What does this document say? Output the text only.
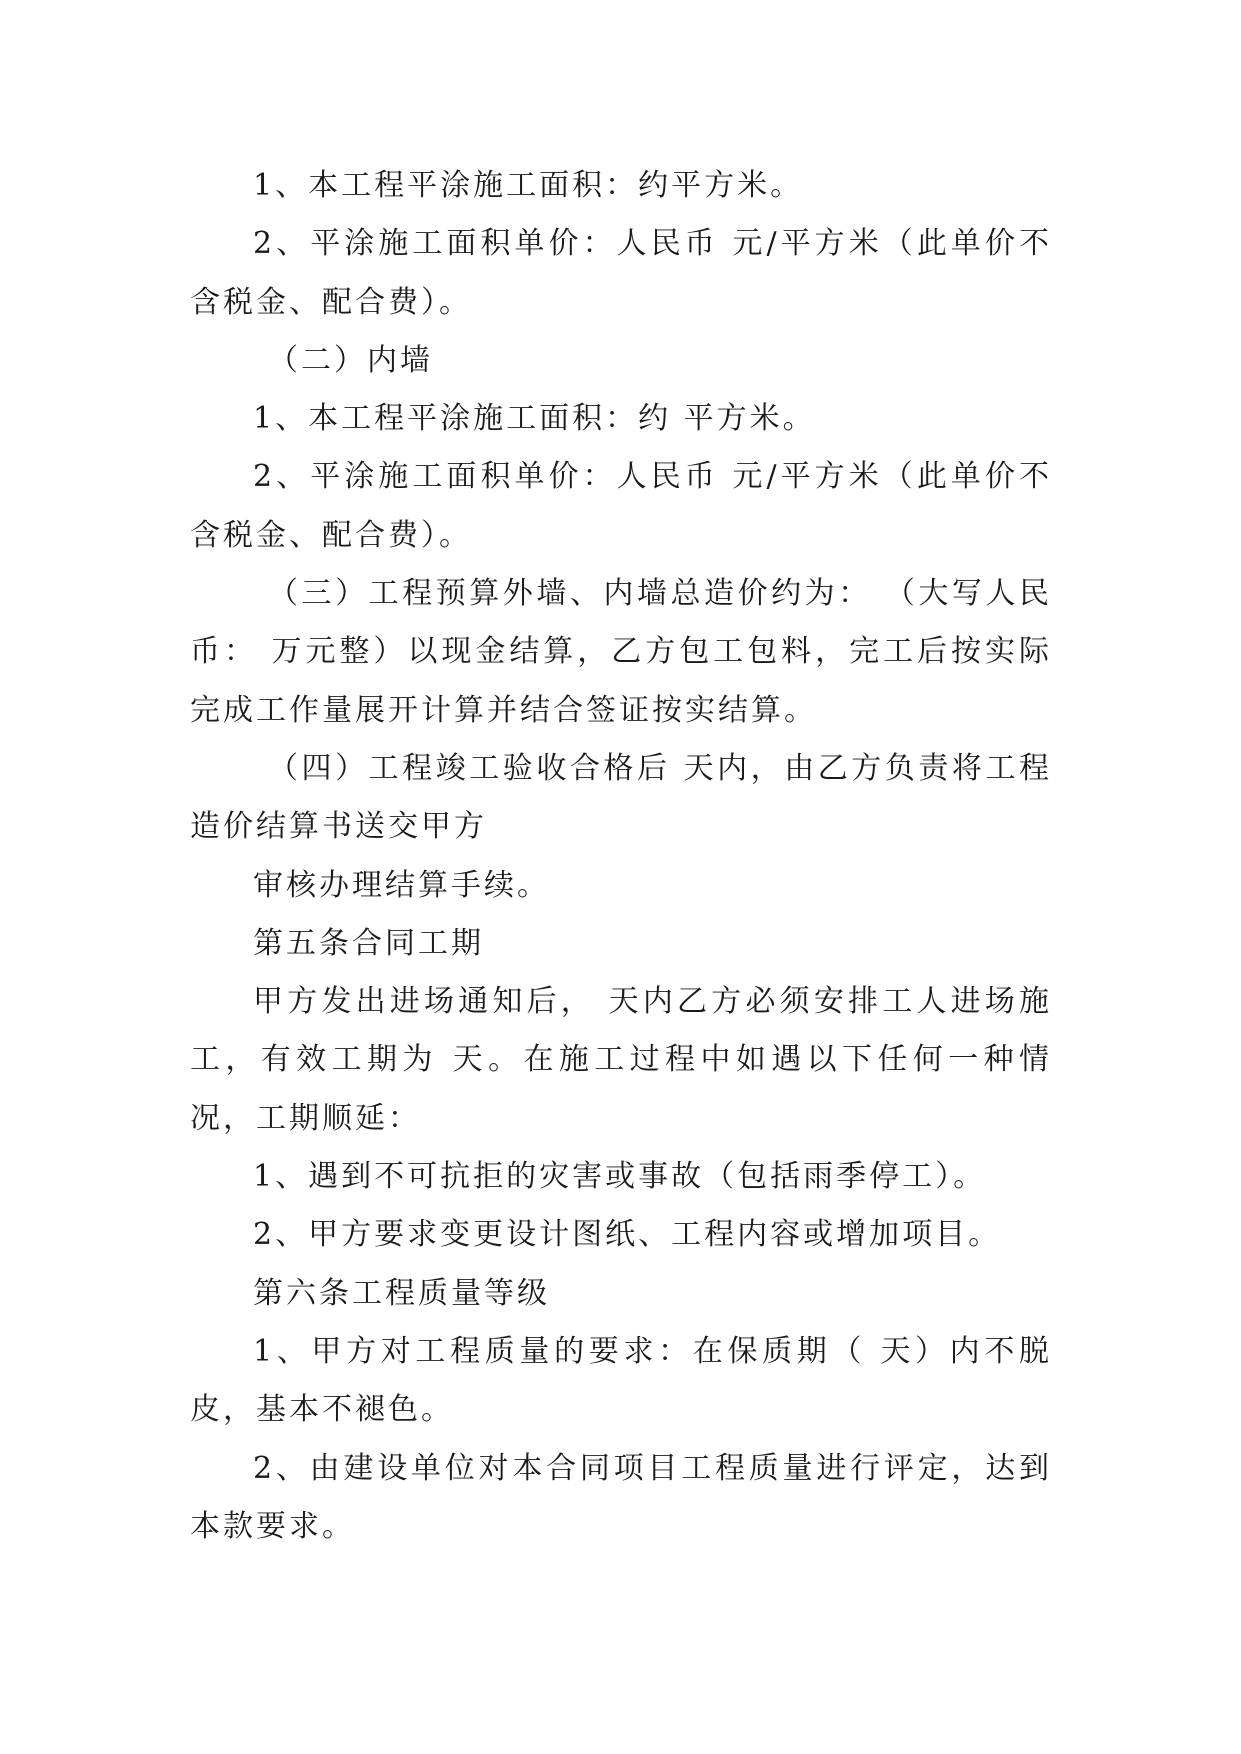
1、本工程平涂施工面积：约平方米。

2、平涂施工面积单价：人民币 元/平方米（此单价不含税金、配合费）。

（二）内墙

1、本工程平涂施工面积：约 平方米。

2、平涂施工面积单价：人民币 元/平方米（此单价不含税金、配合费）。

（三）工程预算外墙、内墙总造价约为： （大写人民币： 万元整）以现金结算，乙方包工包料，完工后按实际完成工作量展开计算并结合签证按实结算。

（四）工程竣工验收合格后 天内，由乙方负责将工程造价结算书送交甲方

审核办理结算手续。

第五条合同工期

甲方发出进场通知后， 天内乙方必须安排工人进场施工，有效工期为 天。在施工过程中如遇以下任何一种情况，工期顺延：

1、遇到不可抗拒的灾害或事故（包括雨季停工）。

2、甲方要求变更设计图纸、工程内容或增加项目。

第六条工程质量等级

1、甲方对工程质量的要求：在保质期（ 天）内不脱皮，基本不褪色。

2、由建设单位对本合同项目工程质量进行评定，达到本款要求。
